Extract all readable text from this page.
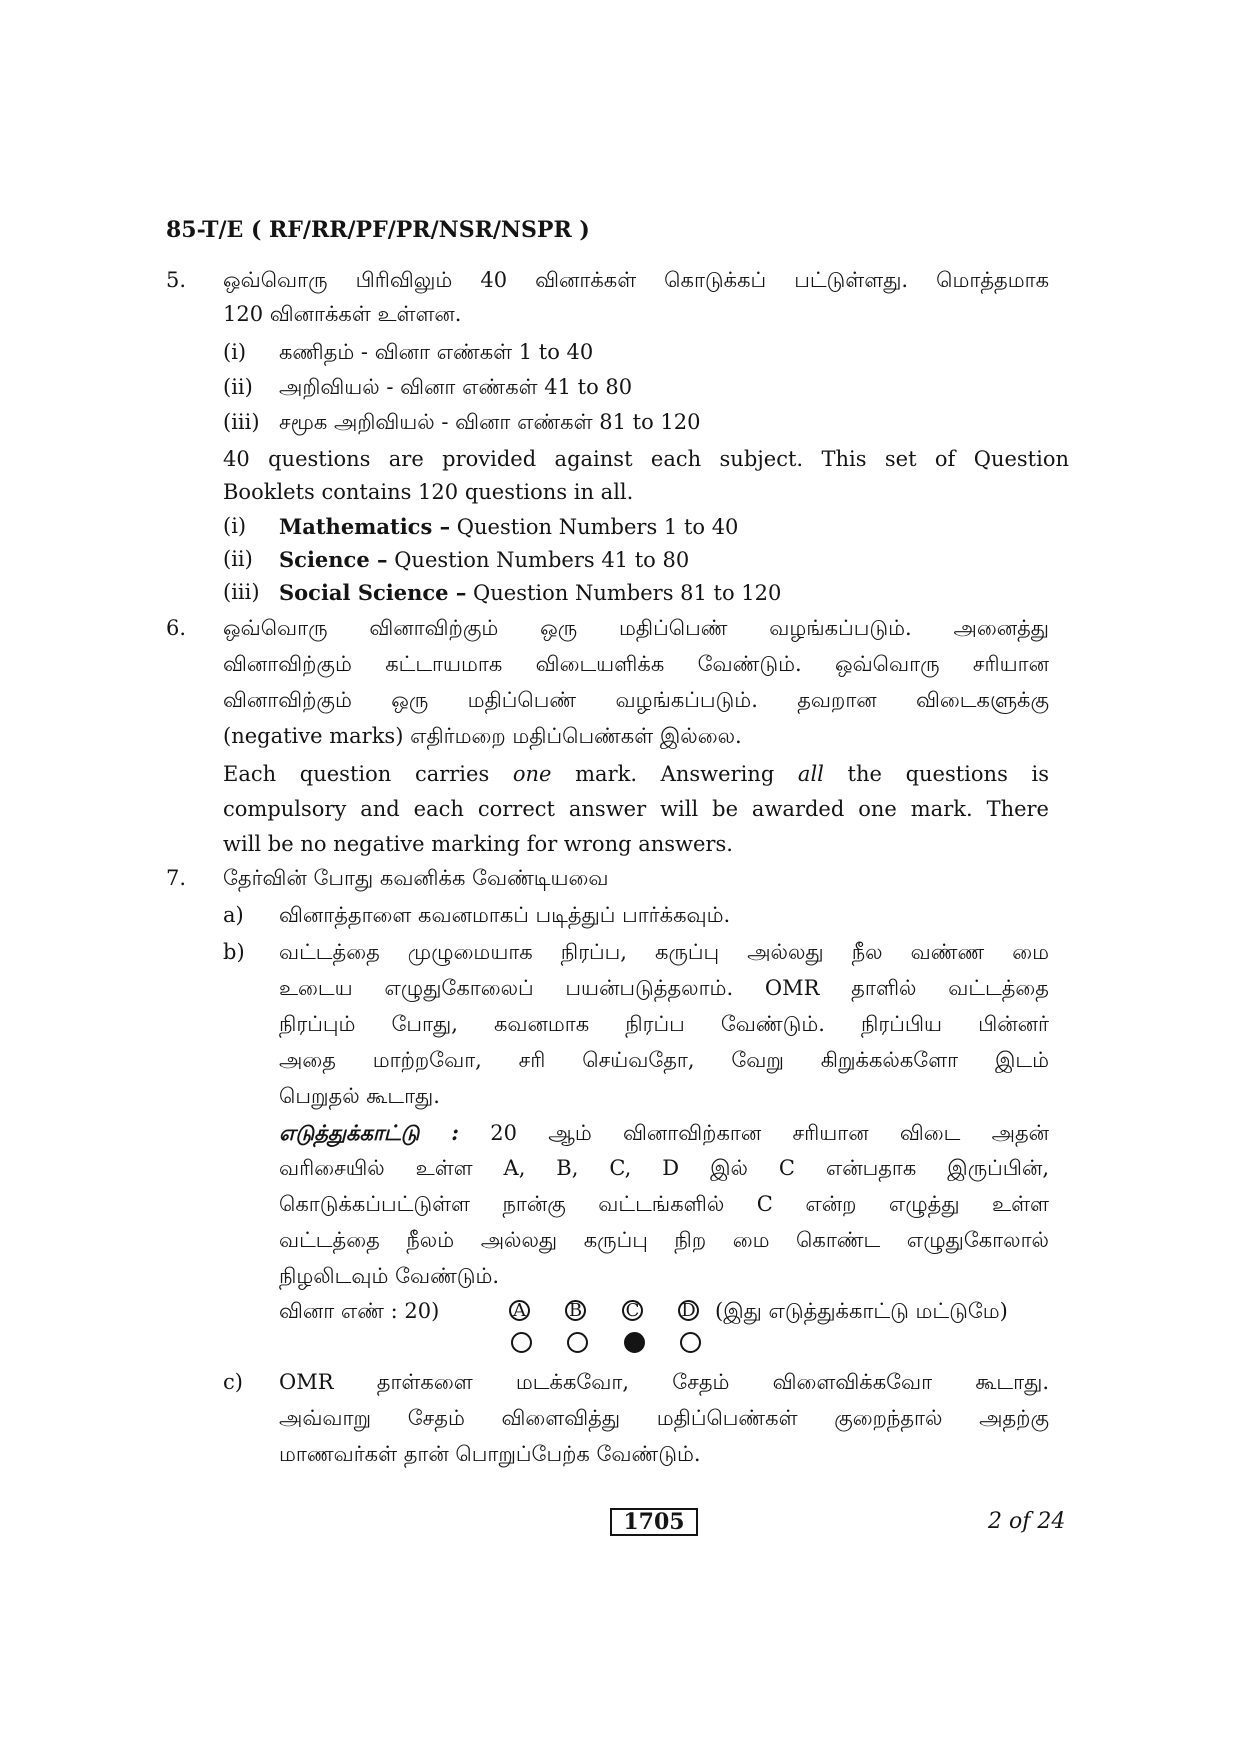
85-T/E ( RF/RR/PF/PR/NSR/NSPR )
5. ஒவ்வொரு பிரிவிலும் 40 வினாக்கள் கொடுக்கப் பட்டுள்ளது. மொத்தமாக
120 வினாக்கள் உள்ளன.
(i) கணிதம் - வினா எண்கள் 1 to 40
(ii) அறிவியல் - வினா எண்கள் 41 to 80
(iii) சமூக அறிவியல் - வினா எண்கள் 81 to 120
40 questions are provided against each subject. This set of Question
Booklets contains 120 questions in all.
(i) Mathematics – Question Numbers 1 to 40
(ii) Science – Question Numbers 41 to 80
(iii) Social Science – Question Numbers 81 to 120
6. ஒவ்வொரு வினாவிற்கும் ஒரு மதிப்பெண் வழங்கப்படும். அனைத்து
வினாவிற்கும் கட்டாயமாக விடையளிக்க வேண்டும். ஒவ்வொரு சரியான
வினாவிற்கும் ஒரு மதிப்பெண் வழங்கப்படும். தவறான விடைகளுக்கு
(negative marks) எதிர்மறை மதிப்பெண்கள் இல்லை.
Each question carries one mark. Answering all the questions is
compulsory and each correct answer will be awarded one mark. There
will be no negative marking for wrong answers.
7. தேர்வின் போது கவனிக்க வேண்டியவை
a) வினாத்தாளை கவனமாகப் படித்துப் பார்க்கவும்.
b) வட்டத்தை முழுமையாக நிரப்ப, கருப்பு அல்லது நீல வண்ண மை
உடைய எழுதுகோலைப் பயன்படுத்தலாம். OMR தாளில் வட்டத்தை
நிரப்பும் போது, கவனமாக நிரப்ப வேண்டும். நிரப்பிய பின்னர்
அதை மாற்றவோ, சரி செய்வதோ, வேறு கிறுக்கல்களோ இடம்
பெறுதல் கூடாது.
எடுத்துக்காட்டு : 20 ஆம் வினாவிற்கான சரியான விடை அதன்
வரிசையில் உள்ள A, B, C, D இல் C என்பதாக இருப்பின்,
கொடுக்கப்பட்டுள்ள நான்கு வட்டங்களில் C என்ற எழுத்து உள்ள
வட்டத்தை நீலம் அல்லது கருப்பு நிற மை கொண்ட எழுதுகோலால்
நிழலிடவும் வேண்டும்.
வினா எண் : 20)	A B C D (இது எடுத்துக்காட்டு மட்டுமே)
c) OMR தாள்களை மடக்கவோ, சேதம் விளைவிக்கவோ கூடாது.
அவ்வாறு சேதம் விளைவித்து மதிப்பெண்கள் குறைந்தால் அதற்கு
மாணவர்கள் தான் பொறுப்பேற்க வேண்டும்.
1705	2 of 24
